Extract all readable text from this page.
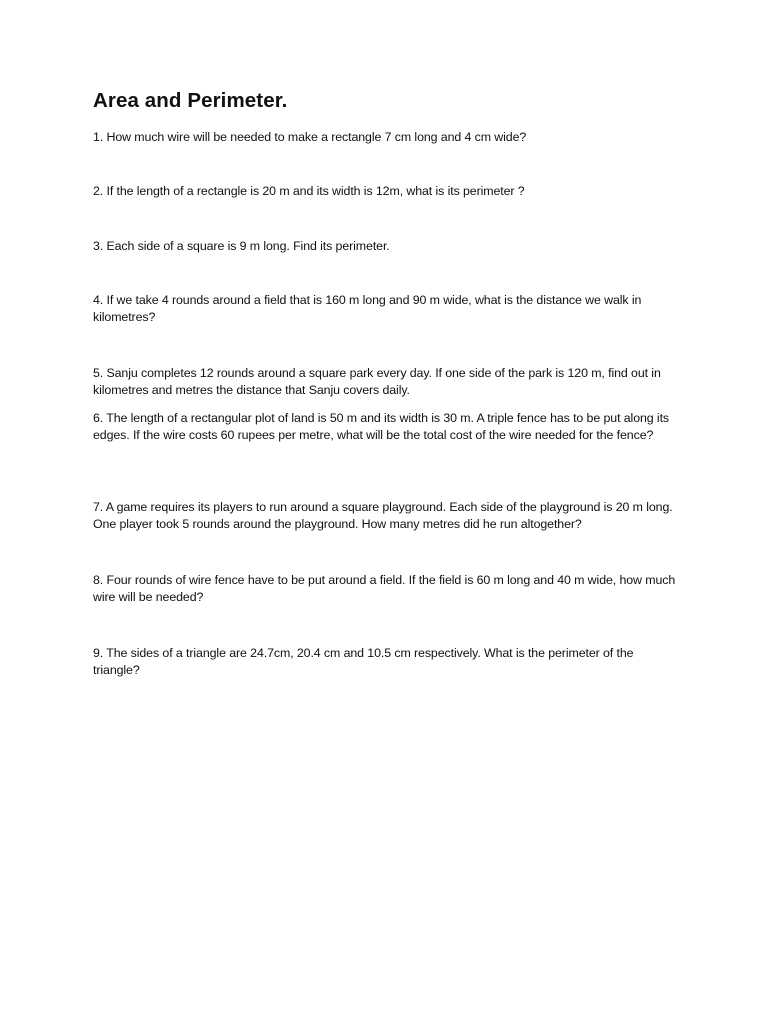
Area and Perimeter.

1. How much wire will be needed to make a rectangle 7 cm long and 4 cm wide?

2. If the length of a rectangle is 20 m and its width is 12m, what is its perimeter ?

3. Each side of a square is 9 m long. Find its perimeter.

4. If we take 4 rounds around a field that is 160 m long and 90 m wide, what is the distance we walk in kilometres?

5. Sanju completes 12 rounds around a square park every day. If one side of the park is 120 m, find out in kilometres and metres the distance that Sanju covers daily.

6. The length of a rectangular plot of land is 50 m and its width is 30 m. A triple fence has to be put along its edges. If the wire costs 60 rupees per metre, what will be the total cost of the wire needed for the fence?

7. A game requires its players to run around a square playground. Each side of the playground is 20 m long. One player took 5 rounds around the playground. How many metres did he run altogether?

8. Four rounds of wire fence have to be put around a field. If the field is 60 m long and 40 m wide, how much wire will be needed?

9. The sides of a triangle are 24.7cm, 20.4 cm and 10.5 cm respectively. What is the perimeter of the triangle?
